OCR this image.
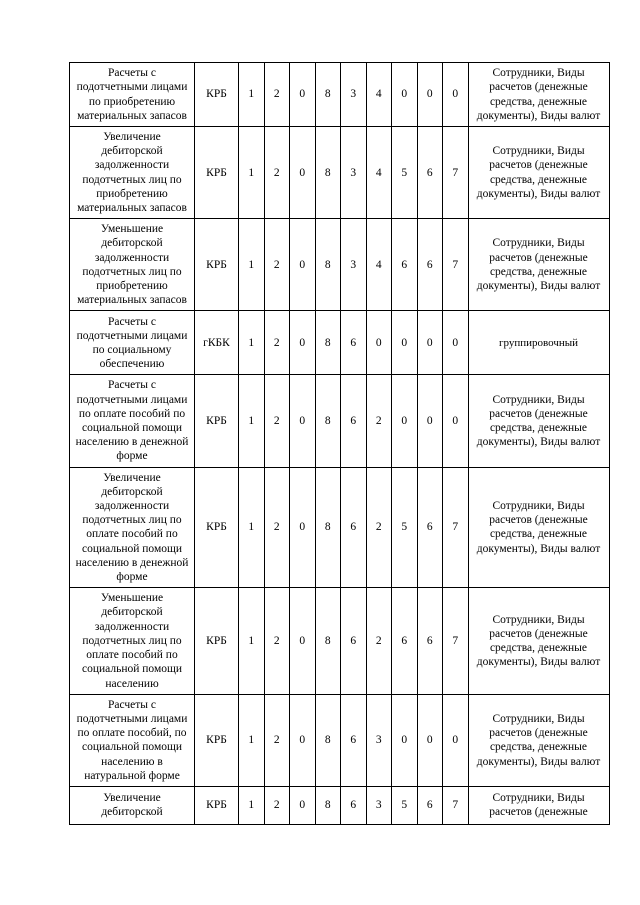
Расчеты с подотчетными лицами по приобретению материальных запасов	КРБ	1	2	0	8	3	4	0	0	0	Сотрудники, Виды расчетов (денежные средства, денежные документы), Виды валют
Увеличение дебиторской задолженности подотчетных лиц по приобретению материальных запасов	КРБ	1	2	0	8	3	4	5	6	7	Сотрудники, Виды расчетов (денежные средства, денежные документы), Виды валют
Уменьшение дебиторской задолженности подотчетных лиц по приобретению материальных запасов	КРБ	1	2	0	8	3	4	6	6	7	Сотрудники, Виды расчетов (денежные средства, денежные документы), Виды валют
Расчеты с подотчетными лицами по социальному обеспечению	гКБК	1	2	0	8	6	0	0	0	0	группировочный
Расчеты с подотчетными лицами по оплате пособий по социальной помощи населению в денежной форме	КРБ	1	2	0	8	6	2	0	0	0	Сотрудники, Виды расчетов (денежные средства, денежные документы), Виды валют
Увеличение дебиторской задолженности подотчетных лиц по оплате пособий по социальной помощи населению в денежной форме	КРБ	1	2	0	8	6	2	5	6	7	Сотрудники, Виды расчетов (денежные средства, денежные документы), Виды валют
Уменьшение дебиторской задолженности подотчетных лиц по оплате пособий по социальной помощи населению	КРБ	1	2	0	8	6	2	6	6	7	Сотрудники, Виды расчетов (денежные средства, денежные документы), Виды валют
Расчеты с подотчетными лицами по оплате пособий, по социальной помощи населению в натуральной форме	КРБ	1	2	0	8	6	3	0	0	0	Сотрудники, Виды расчетов (денежные средства, денежные документы), Виды валют
Увеличение дебиторской	КРБ	1	2	0	8	6	3	5	6	7	Сотрудники, Виды расчетов (денежные
